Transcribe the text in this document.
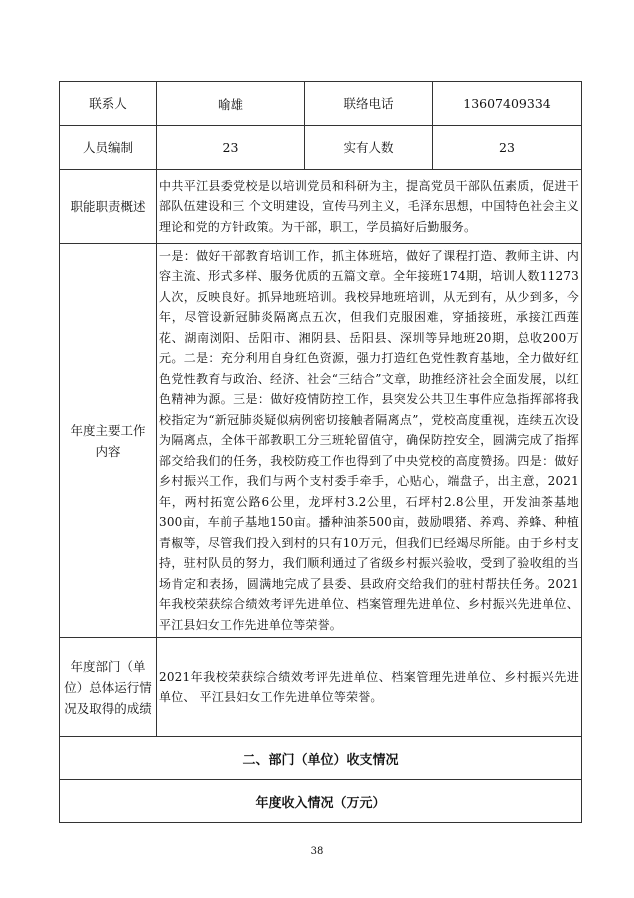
联系人	喻雄	联络电话	13607409334
人员编制	23	实有人数	23
职能职责概述	中共平江县委党校是以培训党员和科研为主，提高党员干部队伍素质，促进干部队伍建设和三 个文明建设，宣传马列主义，毛泽东思想，中国特色社会主义理论和党的方针政策。为干部，职工，学员搞好后勤服务。		
年度主要工作内容	一是：做好干部教育培训工作，抓主体班培，做好了课程打造、教师主讲、内容主流、形式多样、服务优质的五篇文章。全年接班174期，培训人数11273人次，反映良好。抓异地班培训。我校异地班培训，从无到有，从少到多，今年，尽管设新冠肺炎隔离点五次，但我们克服困难，穿插接班，承接江西莲花、湖南浏阳、岳阳市、湘阴县、岳阳县、深圳等异地班20期，总收200万元。二是：充分利用自身红色资源，强力打造红色党性教育基地，全力做好红色党性教育与政治、经济、社会“三结合”文章，助推经济社会全面发展，以红色精神为源。三是：做好疫情防控工作，县突发公共卫生事件应急指挥部将我校指定为“新冠肺炎疑似病例密切接触者隔离点”，党校高度重视，连续五次设为隔离点，全体干部教职工分三班轮留值守，确保防控安全，圆满完成了指挥部交给我们的任务，我校防疫工作也得到了中央党校的高度赞扬。四是：做好乡村振兴工作，我们与两个支村委手牵手，心贴心，端盘子，出主意，2021年，两村拓宽公路6公里，龙坪村3.2公里，石坪村2.8公里，开发油茶基地300亩，车前子基地150亩。播种油茶500亩，鼓励喂猪、养鸡、养蜂、种植青椒等，尽管我们投入到村的只有10万元，但我们已经竭尽所能。由于乡村支持，驻村队员的努力，我们顺利通过了省级乡村振兴验收，受到了验收组的当场肯定和表扬，圆满地完成了县委、县政府交给我们的驻村帮扶任务。2021年我校荣获综合绩效考评先进单位、档案管理先进单位、乡村振兴先进单位、平江县妇女工作先进单位等荣誉。		
年度部门（单位）总体运行情况及取得的成绩	2021年我校荣获综合绩效考评先进单位、档案管理先进单位、乡村振兴先进单位、 平江县妇女工作先进单位等荣誉。		
二、部门（单位）收支情况			
年度收入情况（万元）			
38
